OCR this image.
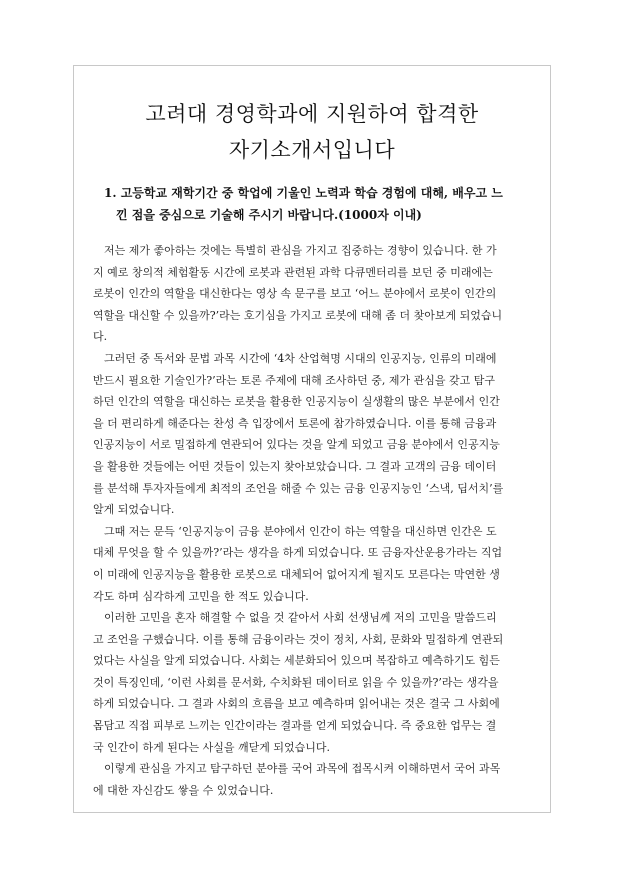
고려대 경영학과에 지원하여 합격한
자기소개서입니다
1. 고등학교 재학기간 중 학업에 기울인 노력과 학습 경험에 대해, 배우고 느
낀 점을 중심으로 기술해 주시기 바랍니다.(1000자 이내)
저는 제가 좋아하는 것에는 특별히 관심을 가지고 집중하는 경향이 있습니다. 한 가
지 예로 창의적 체험활동 시간에 로봇과 관련된 과학 다큐멘터리를 보던 중 미래에는
로봇이 인간의 역할을 대신한다는 영상 속 문구를 보고 ‘어느 분야에서 로봇이 인간의
역할을 대신할 수 있을까?’라는 호기심을 가지고 로봇에 대해 좀 더 찾아보게 되었습니
다.
그러던 중 독서와 문법 과목 시간에 ‘4차 산업혁명 시대의 인공지능, 인류의 미래에
반드시 필요한 기술인가?’라는 토론 주제에 대해 조사하던 중, 제가 관심을 갖고 탐구
하던 인간의 역할을 대신하는 로봇을 활용한 인공지능이 실생활의 많은 부분에서 인간
을 더 편리하게 해준다는 찬성 측 입장에서 토론에 참가하였습니다. 이를 통해 금융과
인공지능이 서로 밀접하게 연관되어 있다는 것을 알게 되었고 금융 분야에서 인공지능
을 활용한 것들에는 어떤 것들이 있는지 찾아보았습니다. 그 결과 고객의 금융 데이터
를 분석해 투자자들에게 최적의 조언을 해줄 수 있는 금융 인공지능인 ‘스낵, 딥서치’를
알게 되었습니다.
그때 저는 문득 ‘인공지능이 금융 분야에서 인간이 하는 역할을 대신하면 인간은 도
대체 무엇을 할 수 있을까?’라는 생각을 하게 되었습니다. 또 금융자산운용가라는 직업
이 미래에 인공지능을 활용한 로봇으로 대체되어 없어지게 될지도 모른다는 막연한 생
각도 하며 심각하게 고민을 한 적도 있습니다.
이러한 고민을 혼자 해결할 수 없을 것 같아서 사회 선생님께 저의 고민을 말씀드리
고 조언을 구했습니다. 이를 통해 금융이라는 것이 정치, 사회, 문화와 밀접하게 연관되
었다는 사실을 알게 되었습니다. 사회는 세분화되어 있으며 복잡하고 예측하기도 힘든
것이 특징인데, ‘이런 사회를 문서화, 수치화된 데이터로 읽을 수 있을까?’라는 생각을
하게 되었습니다. 그 결과 사회의 흐름을 보고 예측하며 읽어내는 것은 결국 그 사회에
몸담고 직접 피부로 느끼는 인간이라는 결과를 얻게 되었습니다. 즉 중요한 업무는 결
국 인간이 하게 된다는 사실을 깨닫게 되었습니다.
이렇게 관심을 가지고 탐구하던 분야를 국어 과목에 접목시켜 이해하면서 국어 과목
에 대한 자신감도 쌓을 수 있었습니다.
